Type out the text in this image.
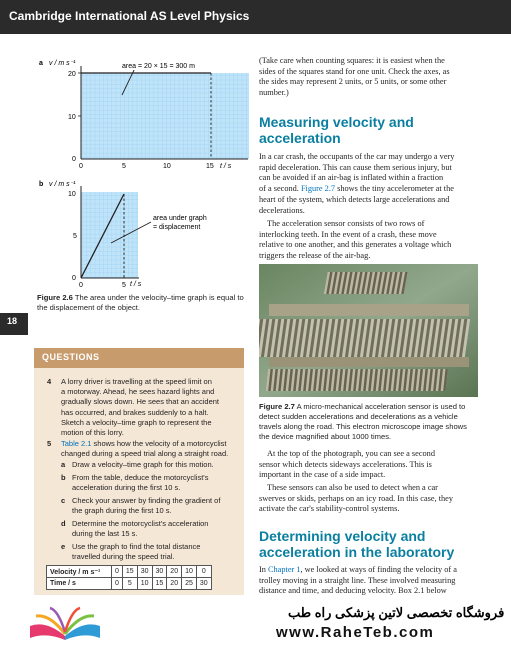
Cambridge International AS Level Physics
18
a v / m s⁻¹
20
10
0
0	5	10	15 t / s
area = 20 × 15 = 300 m
b v / m s⁻¹
10
5
0
0	5 t / s
area under graph
= displacement
Figure 2.6 The area under the velocity–time graph is equal to the displacement of the object.
QUESTIONS
4 A lorry driver is travelling at the speed limit on
a motorway. Ahead, he sees hazard lights and
gradually slows down. He sees that an accident
has occurred, and brakes suddenly to a halt.
Sketch a velocity–time graph to represent the
motion of this lorry.
5 Table 2.1 shows how the velocity of a motorcyclist
changed during a speed trial along a straight road.
a Draw a velocity–time graph for this motion.
b From the table, deduce the motorcyclist's
acceleration during the first 10 s.
c Check your answer by finding the gradient of
the graph during the first 10 s.
d Determine the motorcyclist's acceleration
during the last 15 s.
e Use the graph to find the total distance
travelled during the speed trial.
Velocity / m s⁻¹	0	15	30	30	20	10	0
Time / s	0	5	10	15	20	25	30
(Take care when counting squares: it is easiest when the
sides of the squares stand for one unit. Check the axes, as
the sides may represent 2 units, or 5 units, or some other
number.)
Measuring velocity and
acceleration
In a car crash, the occupants of the car may undergo a very
rapid deceleration. This can cause them serious injury, but
can be avoided if an air-bag is inflated within a fraction
of a second. Figure 2.7 shows the tiny accelerometer at the
heart of the system, which detects large accelerations and
decelerations.
The acceleration sensor consists of two rows of
interlocking teeth. In the event of a crash, these move
relative to one another, and this generates a voltage which
triggers the release of the air-bag.
Figure 2.7 A micro-mechanical acceleration sensor is used to
detect sudden accelerations and decelerations as a vehicle
travels along the road. This electron microscope image shows
the device magnified about 1000 times.
At the top of the photograph, you can see a second
sensor which detects sideways accelerations. This is
important in the case of a side impact.
These sensors can also be used to detect when a car
swerves or skids, perhaps on an icy road. In this case, they
activate the car's stability-control systems.
Determining velocity and
acceleration in the laboratory
In Chapter 1, we looked at ways of finding the velocity of a
trolley moving in a straight line. These involved measuring
distance and time, and deducing velocity. Box 2.1 below
فروشگاه تخصصی لاتین پزشکی راه طب
www.RaheTeb.com
